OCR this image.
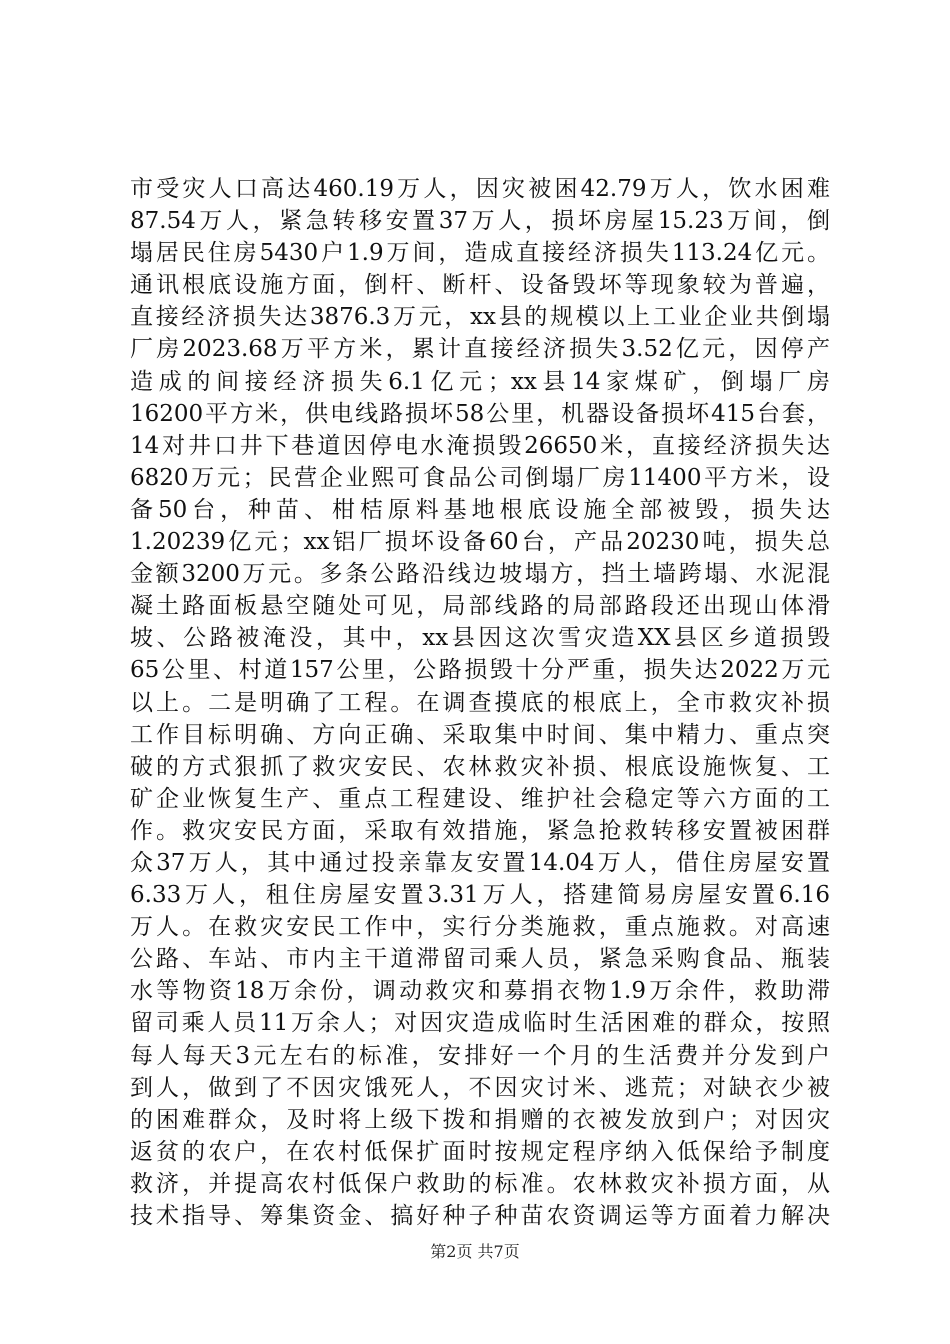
市受灾人口高达460.19万人，因灾被困42.79万人，饮水困难
87.54万人，紧急转移安置37万人，损坏房屋15.23万间，倒
塌居民住房5430户1.9万间，造成直接经济损失113.24亿元。
通讯根底设施方面，倒杆、断杆、设备毁坏等现象较为普遍，
直接经济损失达3876.3万元，xx县的规模以上工业企业共倒塌
厂房2023.68万平方米，累计直接经济损失3.52亿元，因停产
造成的间接经济损失6.1亿元；xx县14家煤矿，倒塌厂房
16200平方米，供电线路损坏58公里，机器设备损坏415台套，
14对井口井下巷道因停电水淹损毁26650米，直接经济损失达
6820万元；民营企业熙可食品公司倒塌厂房11400平方米，设
备50台，种苗、柑桔原料基地根底设施全部被毁，损失达
1.20239亿元；xx铝厂损坏设备60台，产品20230吨，损失总
金额3200万元。多条公路沿线边坡塌方，挡土墙跨塌、水泥混
凝土路面板悬空随处可见，局部线路的局部路段还出现山体滑
坡、公路被淹没，其中，xx县因这次雪灾造XX县区乡道损毁
65公里、村道157公里，公路损毁十分严重，损失达2022万元
以上。二是明确了工程。在调查摸底的根底上，全市救灾补损
工作目标明确、方向正确、采取集中时间、集中精力、重点突
破的方式狠抓了救灾安民、农林救灾补损、根底设施恢复、工
矿企业恢复生产、重点工程建设、维护社会稳定等六方面的工
作。救灾安民方面，采取有效措施，紧急抢救转移安置被困群
众37万人，其中通过投亲靠友安置14.04万人，借住房屋安置
6.33万人，租住房屋安置3.31万人，搭建简易房屋安置6.16
万人。在救灾安民工作中，实行分类施救，重点施救。对高速
公路、车站、市内主干道滞留司乘人员，紧急采购食品、瓶装
水等物资18万余份，调动救灾和募捐衣物1.9万余件，救助滞
留司乘人员11万余人；对因灾造成临时生活困难的群众，按照
每人每天3元左右的标准，安排好一个月的生活费并分发到户
到人，做到了不因灾饿死人，不因灾讨米、逃荒；对缺衣少被
的困难群众，及时将上级下拨和捐赠的衣被发放到户；对因灾
返贫的农户，在农村低保扩面时按规定程序纳入低保给予制度
救济，并提高农村低保户救助的标准。农林救灾补损方面，从
技术指导、筹集资金、搞好种子种苗农资调运等方面着力解决
第2页 共7页
